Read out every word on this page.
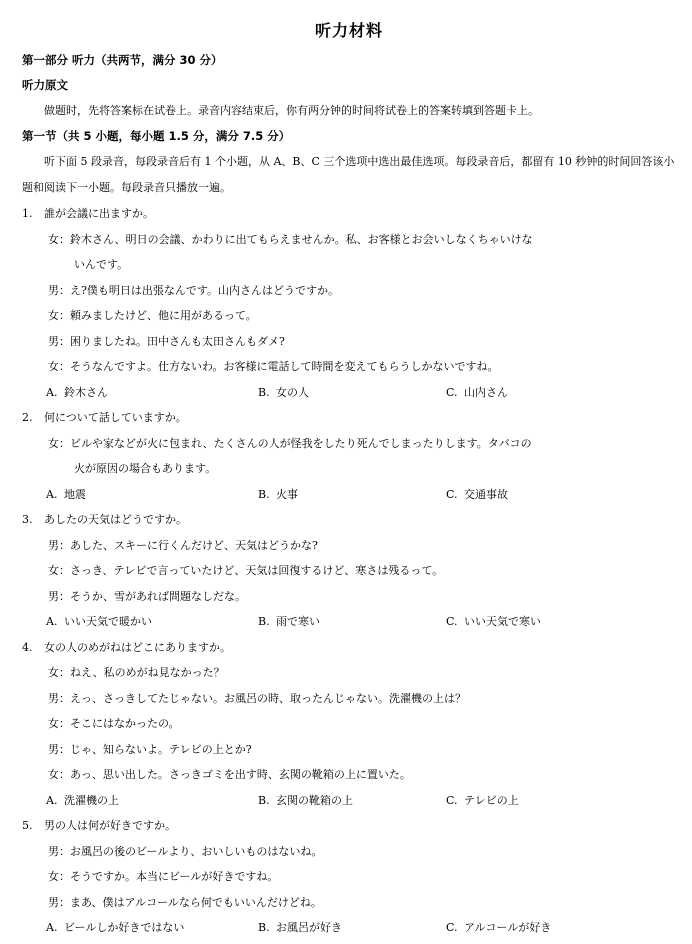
听力材料
第一部分 听力（共两节，满分 30 分）
听力原文
做题时，先将答案标在试卷上。录音内容结束后，你有两分钟的时间将试卷上的答案转填到答题卡上。
第一节（共 5 小题，每小题 1.5 分，满分 7.5 分）
听下面 5 段录音，每段录音后有 1 个小题，从 A、B、C 三个选项中选出最佳选项。每段录音后，都留有 10 秒钟的时间回答该小题和阅读下一小题。每段录音只播放一遍。
1. 誰が会議に出ますか。
女：鈴木さん、明日の会議、かわりに出てもらえませんか。私、お客様とお会いしなくちゃいけな
いんです。
男：え?僕も明日は出張なんです。山内さんはどうですか。
女：頼みましたけど、他に用があるって。
男：困りましたね。田中さんも太田さんもダメ?
女：そうなんですよ。仕方ないわ。お客様に電話して時間を変えてもらうしかないですね。
A. 鈴木さん	B. 女の人	C. 山内さん
2. 何について話していますか。
女：ビルや家などが火に包まれ、たくさんの人が怪我をしたり死んでしまったりします。タバコの
火が原因の場合もあります。
A. 地震	B. 火事	C. 交通事故
3. あしたの天気はどうですか。
男：あした、スキーに行くんだけど、天気はどうかな?
女：さっき、テレビで言っていたけど、天気は回復するけど、寒さは残るって。
男：そうか、雪があれば問題なしだな。
A. いい天気で暖かい	B. 雨で寒い	C. いい天気で寒い
4. 女の人のめがねはどこにありますか。
女：ねえ、私のめがね見なかった？
男：えっ、さっきしてたじゃない。お風呂の時、取ったんじゃない。洗濯機の上は？
女：そこにはなかったの。
男：じゃ、知らないよ。テレビの上とか?
女：あっ、思い出した。さっきゴミを出す時、玄関の靴箱の上に置いた。
A. 洗濯機の上	B. 玄関の靴箱の上	C. テレビの上
5. 男の人は何が好きですか。
男：お風呂の後のビールより、おいしいものはないね。
女：そうですか。本当にビールが好きですね。
男：まあ、僕はアルコールなら何でもいいんだけどね。
A. ビールしか好きではない	B. お風呂が好き	C. アルコールが好き
